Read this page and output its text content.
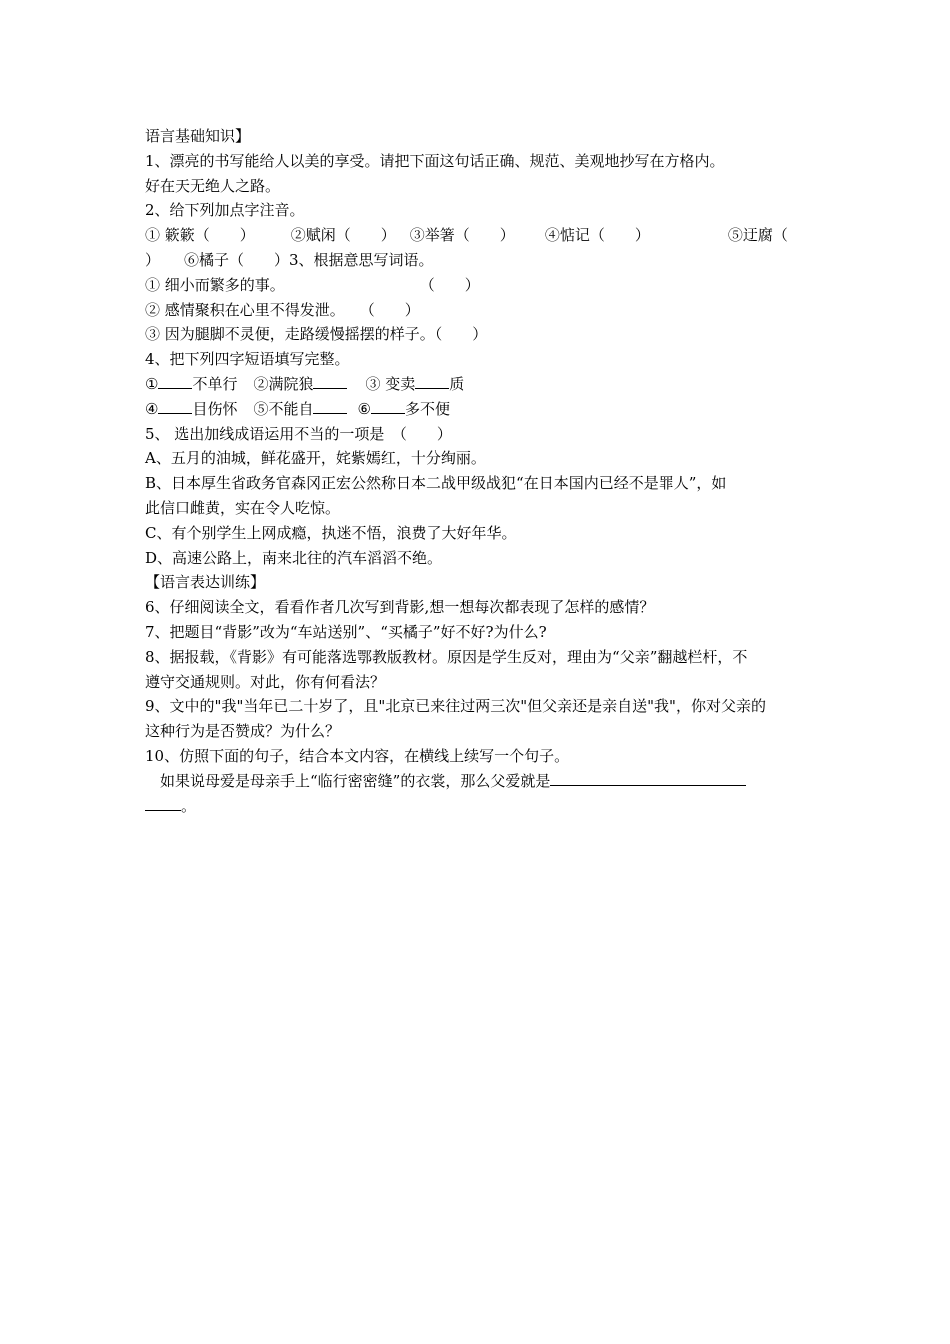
语言基础知识】
1、漂亮的书写能给人以美的享受。请把下面这句话正确、规范、美观地抄写在方格内。
好在天无绝人之路。
2、给下列加点字注音。
① 簌簌（　　） ②赋闲（　　） ③举箸（　　） ④惦记（　　）	⑤迂腐（
） ⑥橘子（　　）3、根据意思写词语。
① 细小而繁多的事。　　　　　　　　　　（　　）
② 感情聚积在心里不得发泄。　　（　　）
③ 因为腿脚不灵便，走路缓慢摇摆的样子。（　　）
4、把下列四字短语填写完整。
① 不单行 ②满院狼	③ 变卖 质
④ 目伤怀 ⑤不能自	⑥ 多不便
5、 选出加线成语运用不当的一项是　（　　）
A、五月的油城，鲜花盛开，姹紫嫣红，十分绚丽。
B、日本厚生省政务官森冈正宏公然称日本二战甲级战犯“在日本国内已经不是罪人”，如
此信口雌黄，实在令人吃惊。
C、有个别学生上网成瘾，执迷不悟，浪费了大好年华。
D、高速公路上，南来北往的汽车滔滔不绝。
【语言表达训练】
6、仔细阅读全文，看看作者几次写到背影,想一想每次都表现了怎样的感情？
7、把题目“背影”改为“车站送别”、“买橘子”好不好?为什么?
8、据报载，《背影》有可能落选鄂教版教材。原因是学生反对，理由为“父亲”翻越栏杆，不
遵守交通规则。对此，你有何看法？
9、文中的"我"当年已二十岁了，且"北京已来往过两三次"但父亲还是亲自送"我"，你对父亲的
这种行为是否赞成？为什么？
10、仿照下面的句子，结合本文内容，在横线上续写一个句子。
如果说母爱是母亲手上“临行密密缝”的衣裳，那么父爱就是
。
